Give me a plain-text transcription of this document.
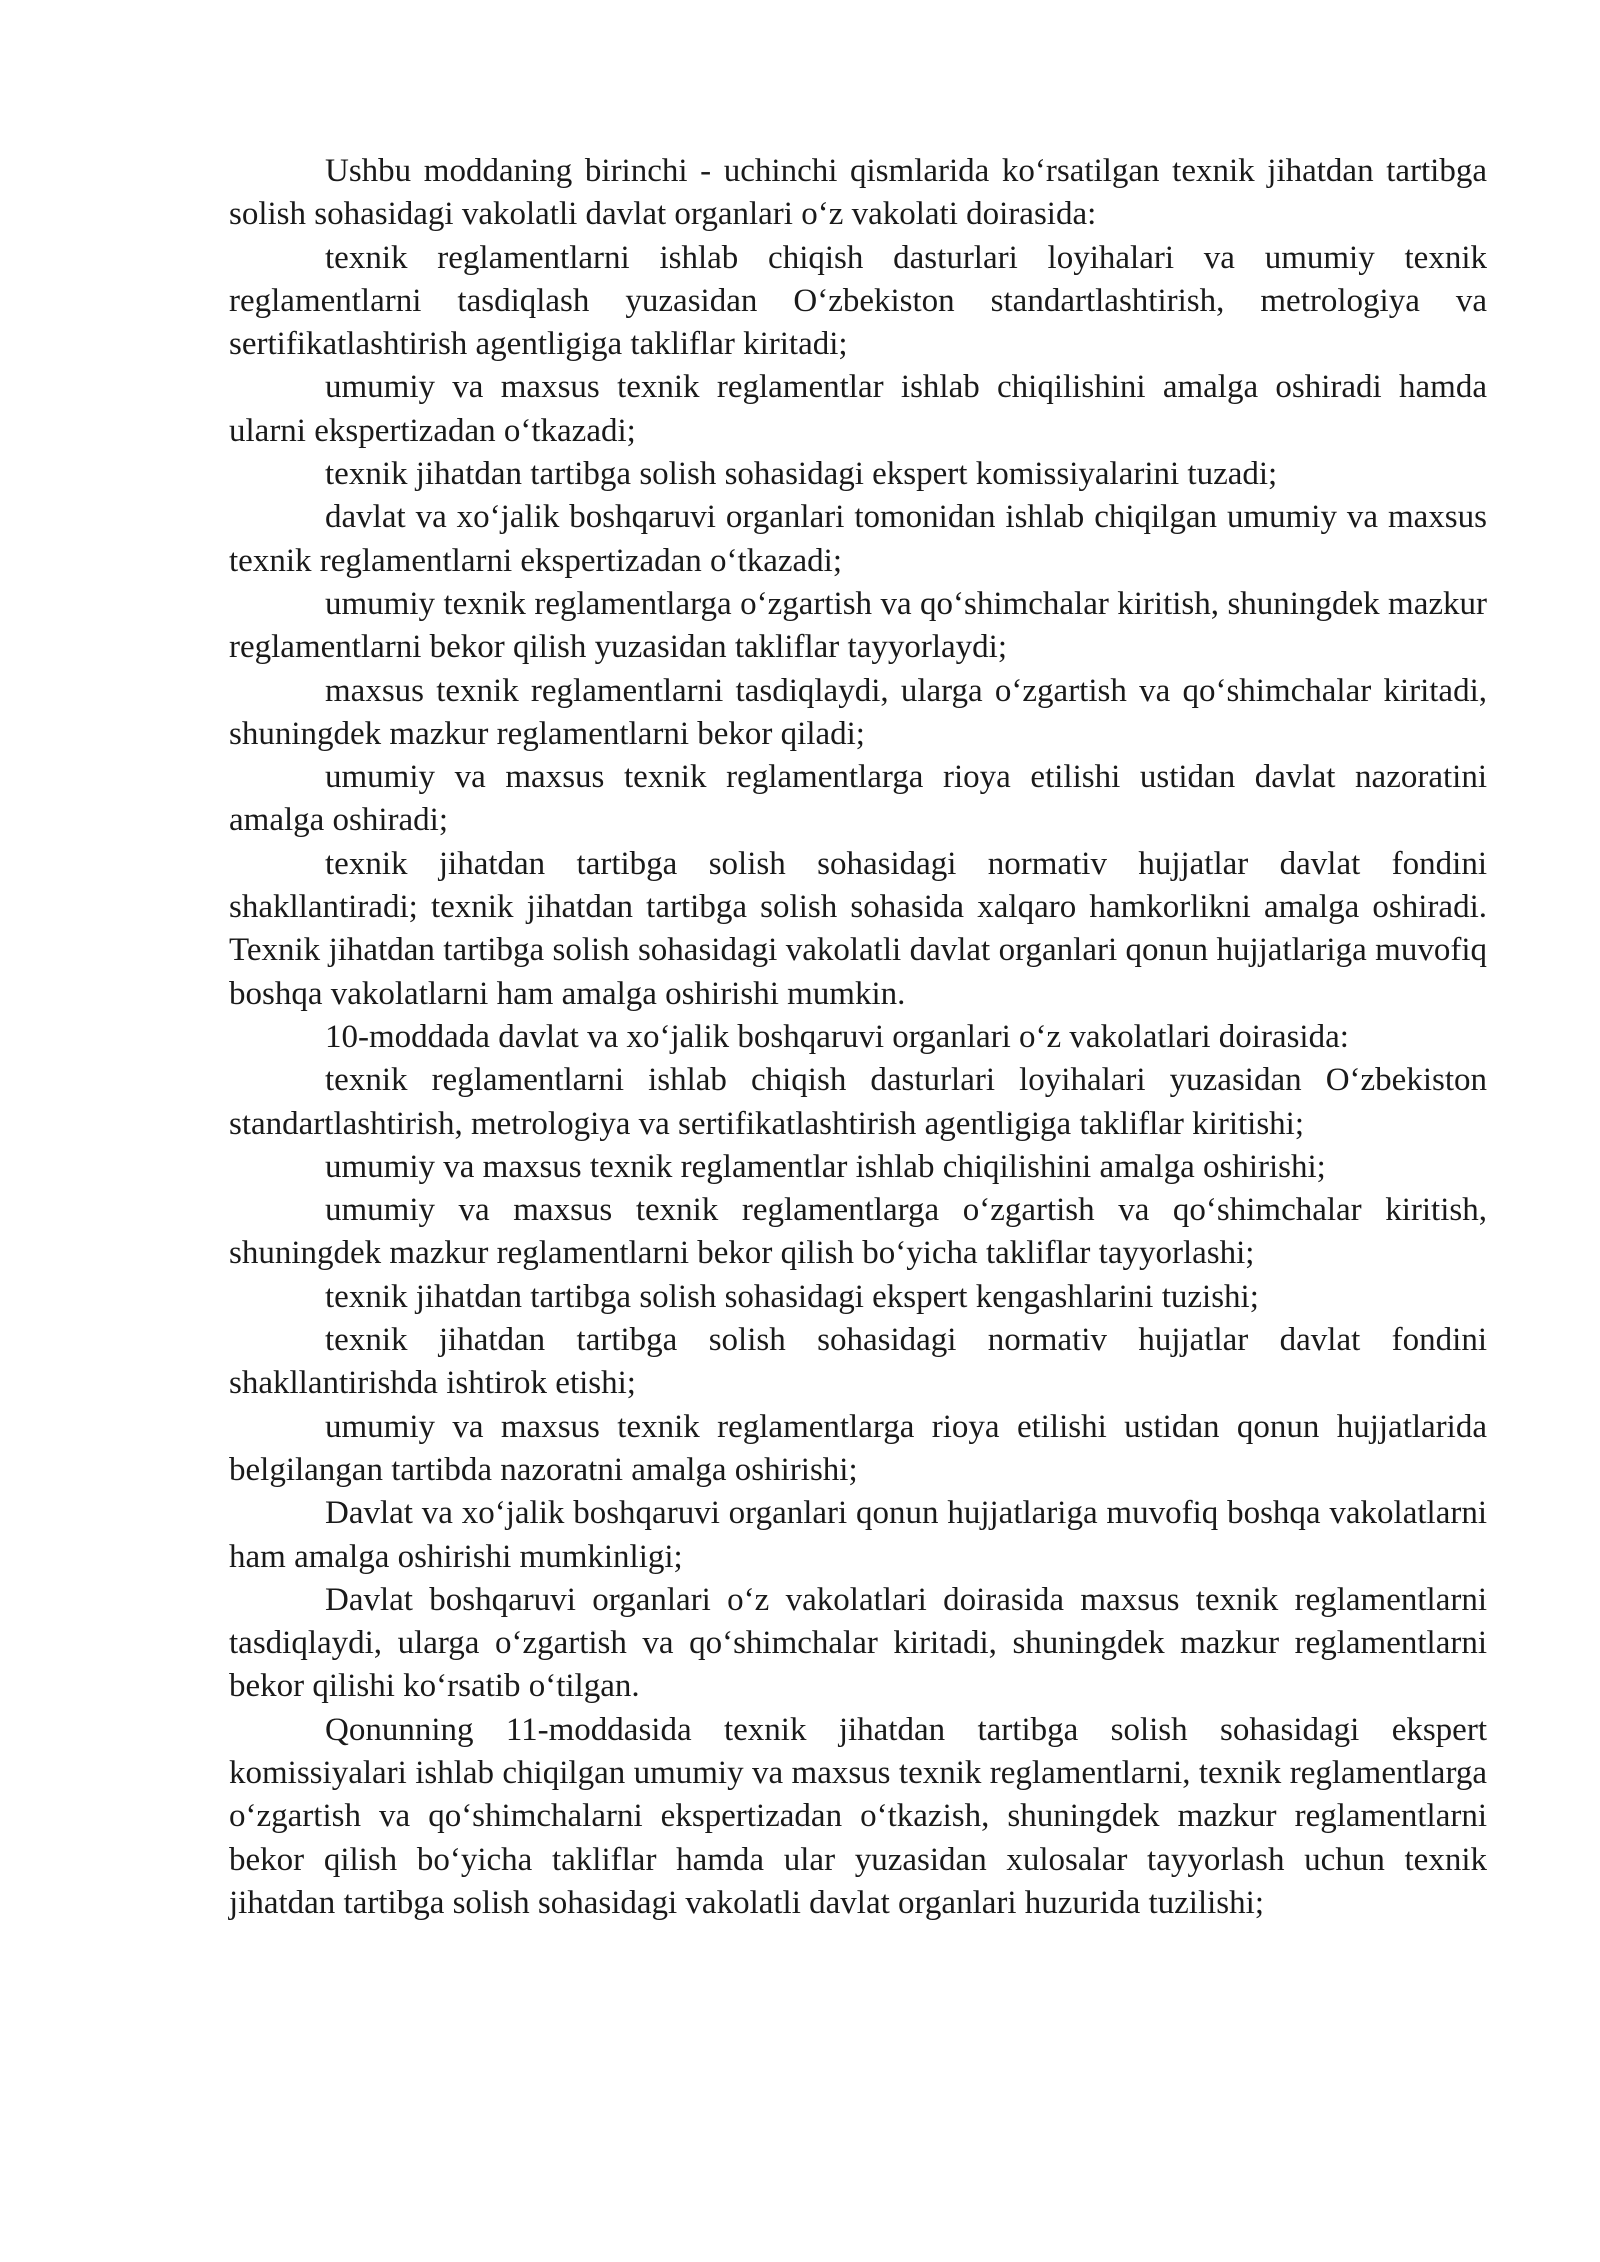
Ushbu moddaning birinchi - uchinchi qismlarida ko‘rsatilgan texnik jihatdan tartibga solish sohasidagi vakolatli davlat organlari o‘z vakolati doirasida:

texnik reglamentlarni ishlab chiqish dasturlari loyihalari va umumiy texnik reglamentlarni tasdiqlash yuzasidan O‘zbekiston standartlashtirish, metrologiya va sertifikatlashtirish agentligiga takliflar kiritadi;

umumiy va maxsus texnik reglamentlar ishlab chiqilishini amalga oshiradi hamda ularni ekspertizadan o‘tkazadi;

texnik jihatdan tartibga solish sohasidagi ekspert komissiyalarini tuzadi;

davlat va xo‘jalik boshqaruvi organlari tomonidan ishlab chiqilgan umumiy va maxsus texnik reglamentlarni ekspertizadan o‘tkazadi;

umumiy texnik reglamentlarga o‘zgartish va qo‘shimchalar kiritish, shuningdek mazkur reglamentlarni bekor qilish yuzasidan takliflar tayyorlaydi;

maxsus texnik reglamentlarni tasdiqlaydi, ularga o‘zgartish va qo‘shimchalar kiritadi, shuningdek mazkur reglamentlarni bekor qiladi;

umumiy va maxsus texnik reglamentlarga rioya etilishi ustidan davlat nazoratini amalga oshiradi;

texnik jihatdan tartibga solish sohasidagi normativ hujjatlar davlat fondini shakllantiradi; texnik jihatdan tartibga solish sohasida xalqaro hamkorlikni amalga oshiradi. Texnik jihatdan tartibga solish sohasidagi vakolatli davlat organlari qonun hujjatlariga muvofiq boshqa vakolatlarni ham amalga oshirishi mumkin.

10-moddada davlat va xo‘jalik boshqaruvi organlari o‘z vakolatlari doirasida:

texnik reglamentlarni ishlab chiqish dasturlari loyihalari yuzasidan O‘zbekiston standartlashtirish, metrologiya va sertifikatlashtirish agentligiga takliflar kiritishi;

umumiy va maxsus texnik reglamentlar ishlab chiqilishini amalga oshirishi;

umumiy va maxsus texnik reglamentlarga o‘zgartish va qo‘shimchalar kiritish, shuningdek mazkur reglamentlarni bekor qilish bo‘yicha takliflar tayyorlashi;

texnik jihatdan tartibga solish sohasidagi ekspert kengashlarini tuzishi;

texnik jihatdan tartibga solish sohasidagi normativ hujjatlar davlat fondini shakllantirishda ishtirok etishi;

umumiy va maxsus texnik reglamentlarga rioya etilishi ustidan qonun hujjatlarida belgilangan tartibda nazoratni amalga oshirishi;

Davlat va xo‘jalik boshqaruvi organlari qonun hujjatlariga muvofiq boshqa vakolatlarni ham amalga oshirishi mumkinligi;

Davlat boshqaruvi organlari o‘z vakolatlari doirasida maxsus texnik reglamentlarni tasdiqlaydi, ularga o‘zgartish va qo‘shimchalar kiritadi, shuningdek mazkur reglamentlarni bekor qilishi ko‘rsatib o‘tilgan.

Qonunning 11-moddasida texnik jihatdan tartibga solish sohasidagi ekspert komissiyalari ishlab chiqilgan umumiy va maxsus texnik reglamentlarni, texnik reglamentlarga o‘zgartish va qo‘shimchalarni ekspertizadan o‘tkazish, shuningdek mazkur reglamentlarni bekor qilish bo‘yicha takliflar hamda ular yuzasidan xulosalar tayyorlash uchun texnik jihatdan tartibga solish sohasidagi vakolatli davlat organlari huzurida tuzilishi;
